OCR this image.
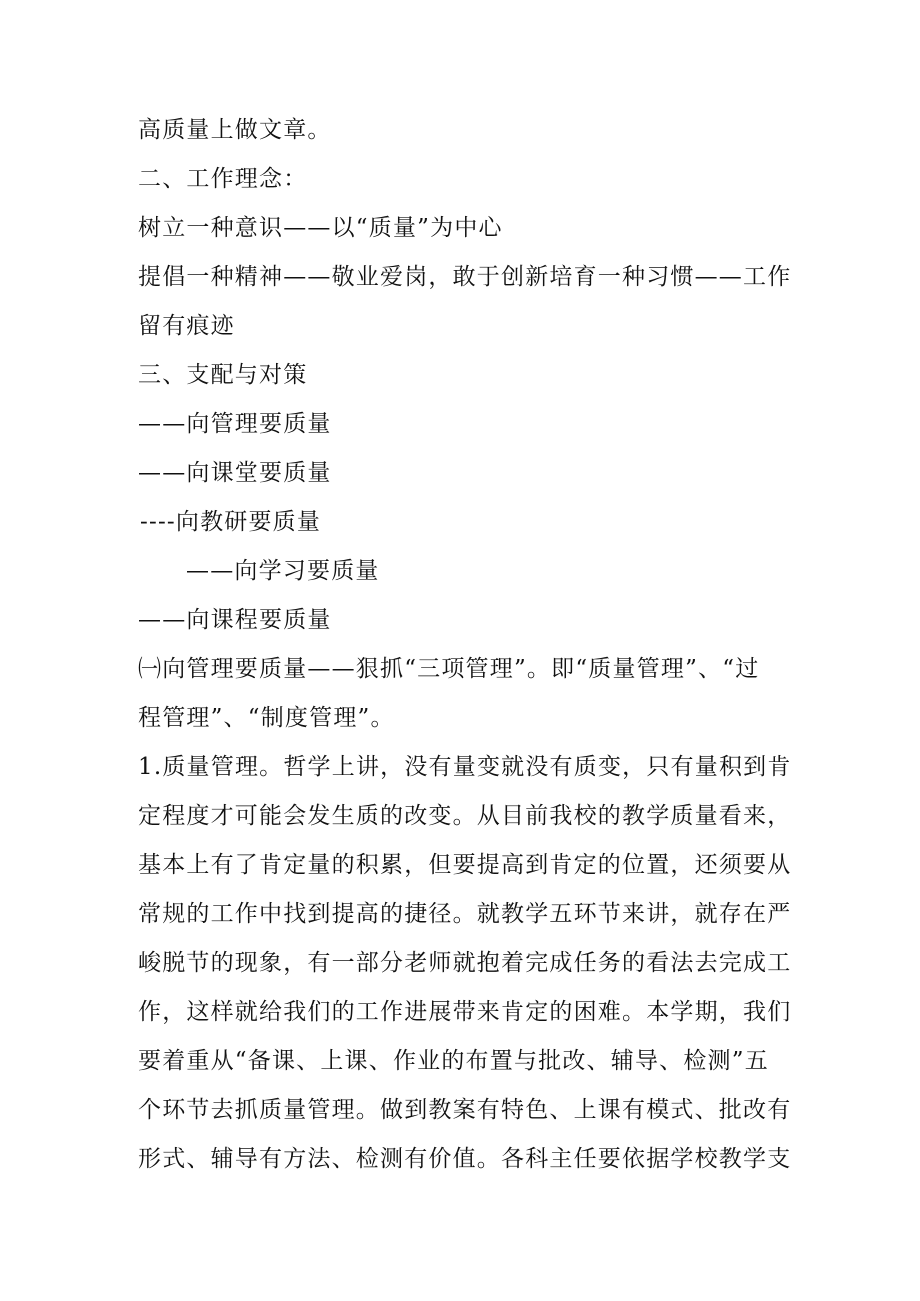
高质量上做文章。
二、工作理念：
树立一种意识——以“质量”为中心
提倡一种精神——敬业爱岗，敢于创新培育一种习惯——工作
留有痕迹
三、支配与对策
——向管理要质量
——向课堂要质量
----向教研要质量
——向学习要质量
——向课程要质量
㈠向管理要质量——狠抓“三项管理”。即“质量管理”、“过
程管理”、“制度管理”。
1.质量管理。哲学上讲，没有量变就没有质变，只有量积到肯
定程度才可能会发生质的改变。从目前我校的教学质量看来，
基本上有了肯定量的积累，但要提高到肯定的位置，还须要从
常规的工作中找到提高的捷径。就教学五环节来讲，就存在严
峻脱节的现象，有一部分老师就抱着完成任务的看法去完成工
作，这样就给我们的工作进展带来肯定的困难。本学期，我们
要着重从“备课、上课、作业的布置与批改、辅导、检测”五
个环节去抓质量管理。做到教案有特色、上课有模式、批改有
形式、辅导有方法、检测有价值。各科主任要依据学校教学支
